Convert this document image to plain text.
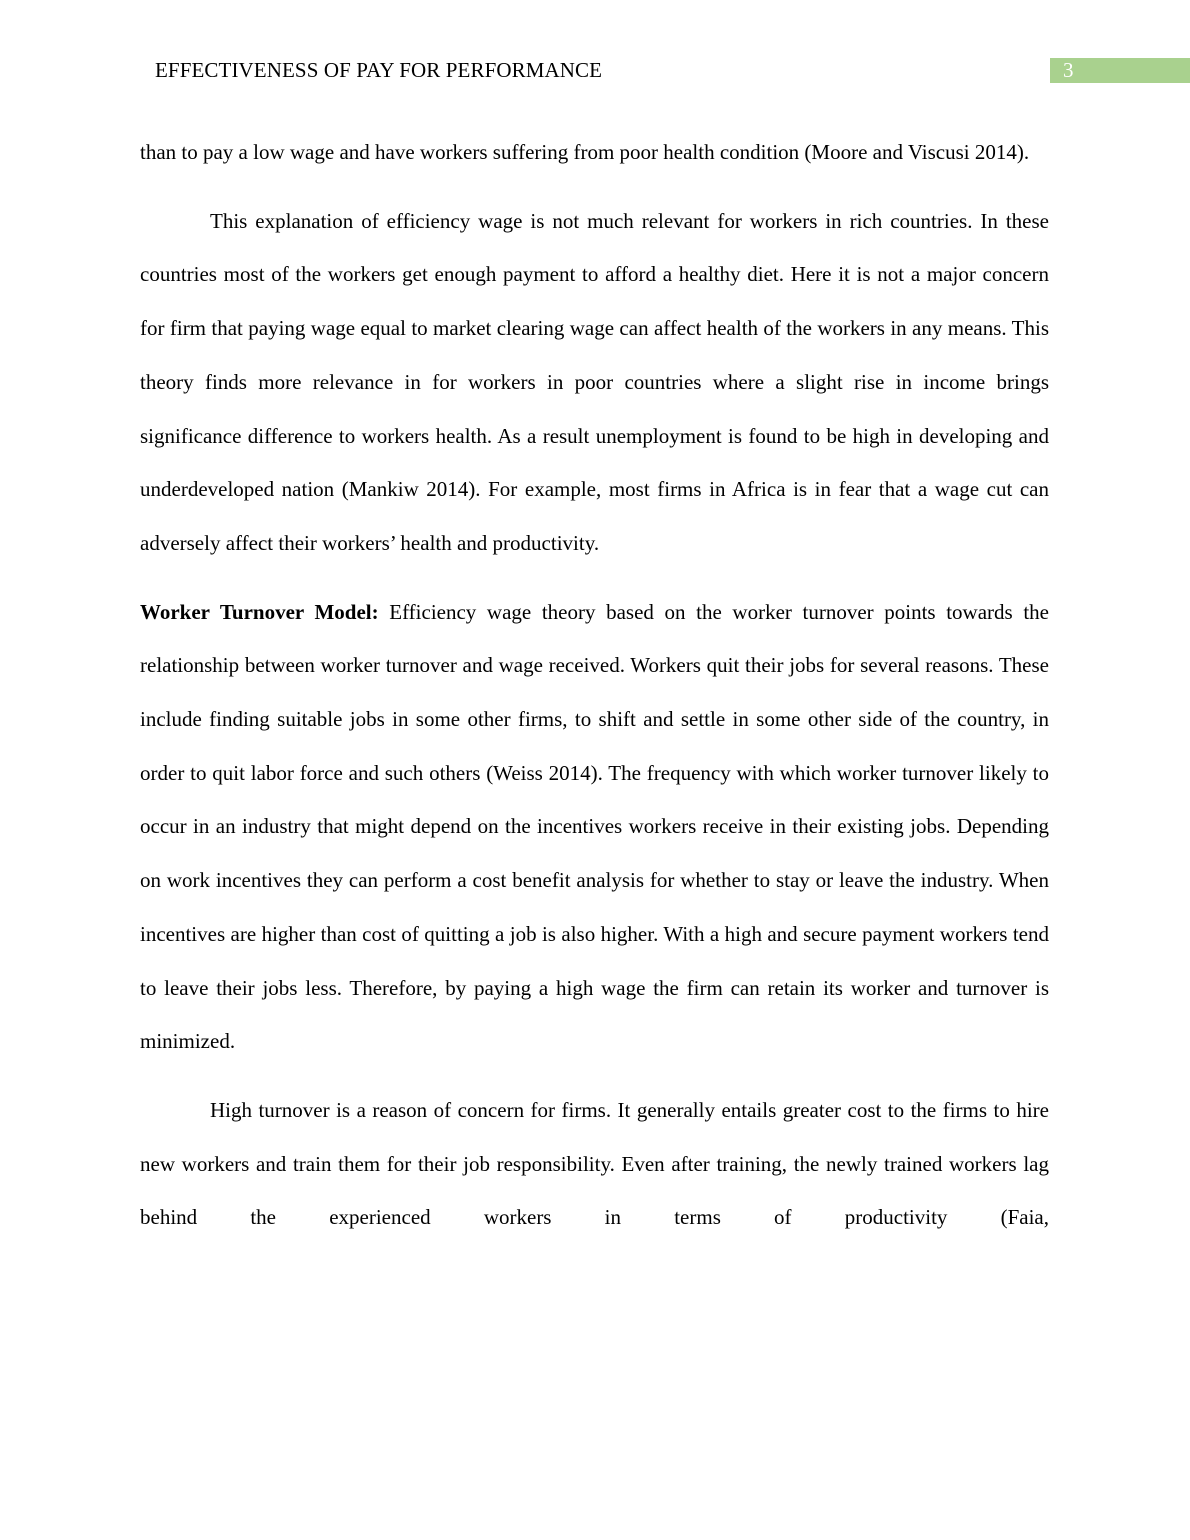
EFFECTIVENESS OF PAY FOR PERFORMANCE	3

than to pay a low wage and have workers suffering from poor health condition (Moore and Viscusi 2014).

This explanation of efficiency wage is not much relevant for workers in rich countries. In these countries most of the workers get enough payment to afford a healthy diet. Here it is not a major concern for firm that paying wage equal to market clearing wage can affect health of the workers in any means. This theory finds more relevance in for workers in poor countries where a slight rise in income brings significance difference to workers health. As a result unemployment is found to be high in developing and underdeveloped nation (Mankiw 2014). For example, most firms in Africa is in fear that a wage cut can adversely affect their workers’ health and productivity.

Worker Turnover Model: Efficiency wage theory based on the worker turnover points towards the relationship between worker turnover and wage received. Workers quit their jobs for several reasons. These include finding suitable jobs in some other firms, to shift and settle in some other side of the country, in order to quit labor force and such others (Weiss 2014). The frequency with which worker turnover likely to occur in an industry that might depend on the incentives workers receive in their existing jobs. Depending on work incentives they can perform a cost benefit analysis for whether to stay or leave the industry. When incentives are higher than cost of quitting a job is also higher. With a high and secure payment workers tend to leave their jobs less. Therefore, by paying a high wage the firm can retain its worker and turnover is minimized.

High turnover is a reason of concern for firms. It generally entails greater cost to the firms to hire new workers and train them for their job responsibility. Even after training, the newly trained workers lag behind the experienced workers in terms of productivity (Faia,
